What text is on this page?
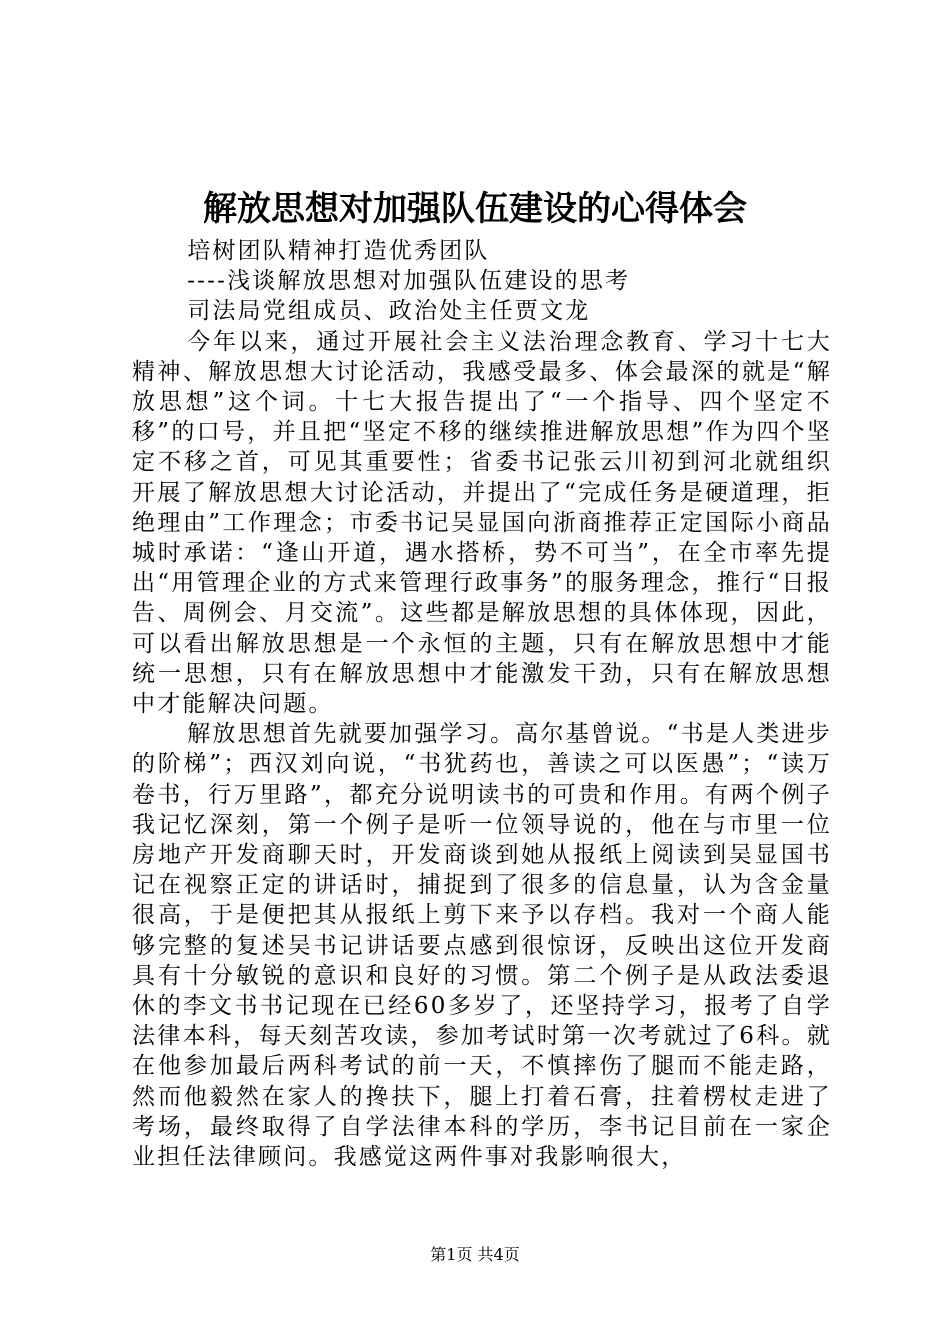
解放思想对加强队伍建设的心得体会

培树团队精神打造优秀团队

----浅谈解放思想对加强队伍建设的思考

司法局党组成员、政治处主任贾文龙

今年以来，通过开展社会主义法治理念教育、学习十七大精神、解放思想大讨论活动，我感受最多、体会最深的就是“解放思想”这个词。十七大报告提出了“一个指导、四个坚定不移”的口号，并且把“坚定不移的继续推进解放思想”作为四个坚定不移之首，可见其重要性；省委书记张云川初到河北就组织开展了解放思想大讨论活动，并提出了“完成任务是硬道理，拒绝理由”工作理念；市委书记吴显国向浙商推荐正定国际小商品城时承诺：“逢山开道，遇水搭桥，势不可当”，在全市率先提出“用管理企业的方式来管理行政事务”的服务理念，推行“日报告、周例会、月交流”。这些都是解放思想的具体体现，因此，可以看出解放思想是一个永恒的主题，只有在解放思想中才能统一思想，只有在解放思想中才能激发干劲，只有在解放思想中才能解决问题。

解放思想首先就要加强学习。高尔基曾说。“书是人类进步的阶梯”；西汉刘向说，“书犹药也，善读之可以医愚”；“读万卷书，行万里路”，都充分说明读书的可贵和作用。有两个例子我记忆深刻，第一个例子是听一位领导说的，他在与市里一位房地产开发商聊天时，开发商谈到她从报纸上阅读到吴显国书记在视察正定的讲话时，捕捉到了很多的信息量，认为含金量很高，于是便把其从报纸上剪下来予以存档。我对一个商人能够完整的复述吴书记讲话要点感到很惊讶，反映出这位开发商具有十分敏锐的意识和良好的习惯。第二个例子是从政法委退休的李文书书记现在已经60多岁了，还坚持学习，报考了自学法律本科，每天刻苦攻读，参加考试时第一次考就过了6科。就在他参加最后两科考试的前一天，不慎摔伤了腿而不能走路，然而他毅然在家人的搀扶下，腿上打着石膏，拄着楞杖走进了考场，最终取得了自学法律本科的学历，李书记目前在一家企业担任法律顾问。我感觉这两件事对我影响很大，

第1页 共4页
